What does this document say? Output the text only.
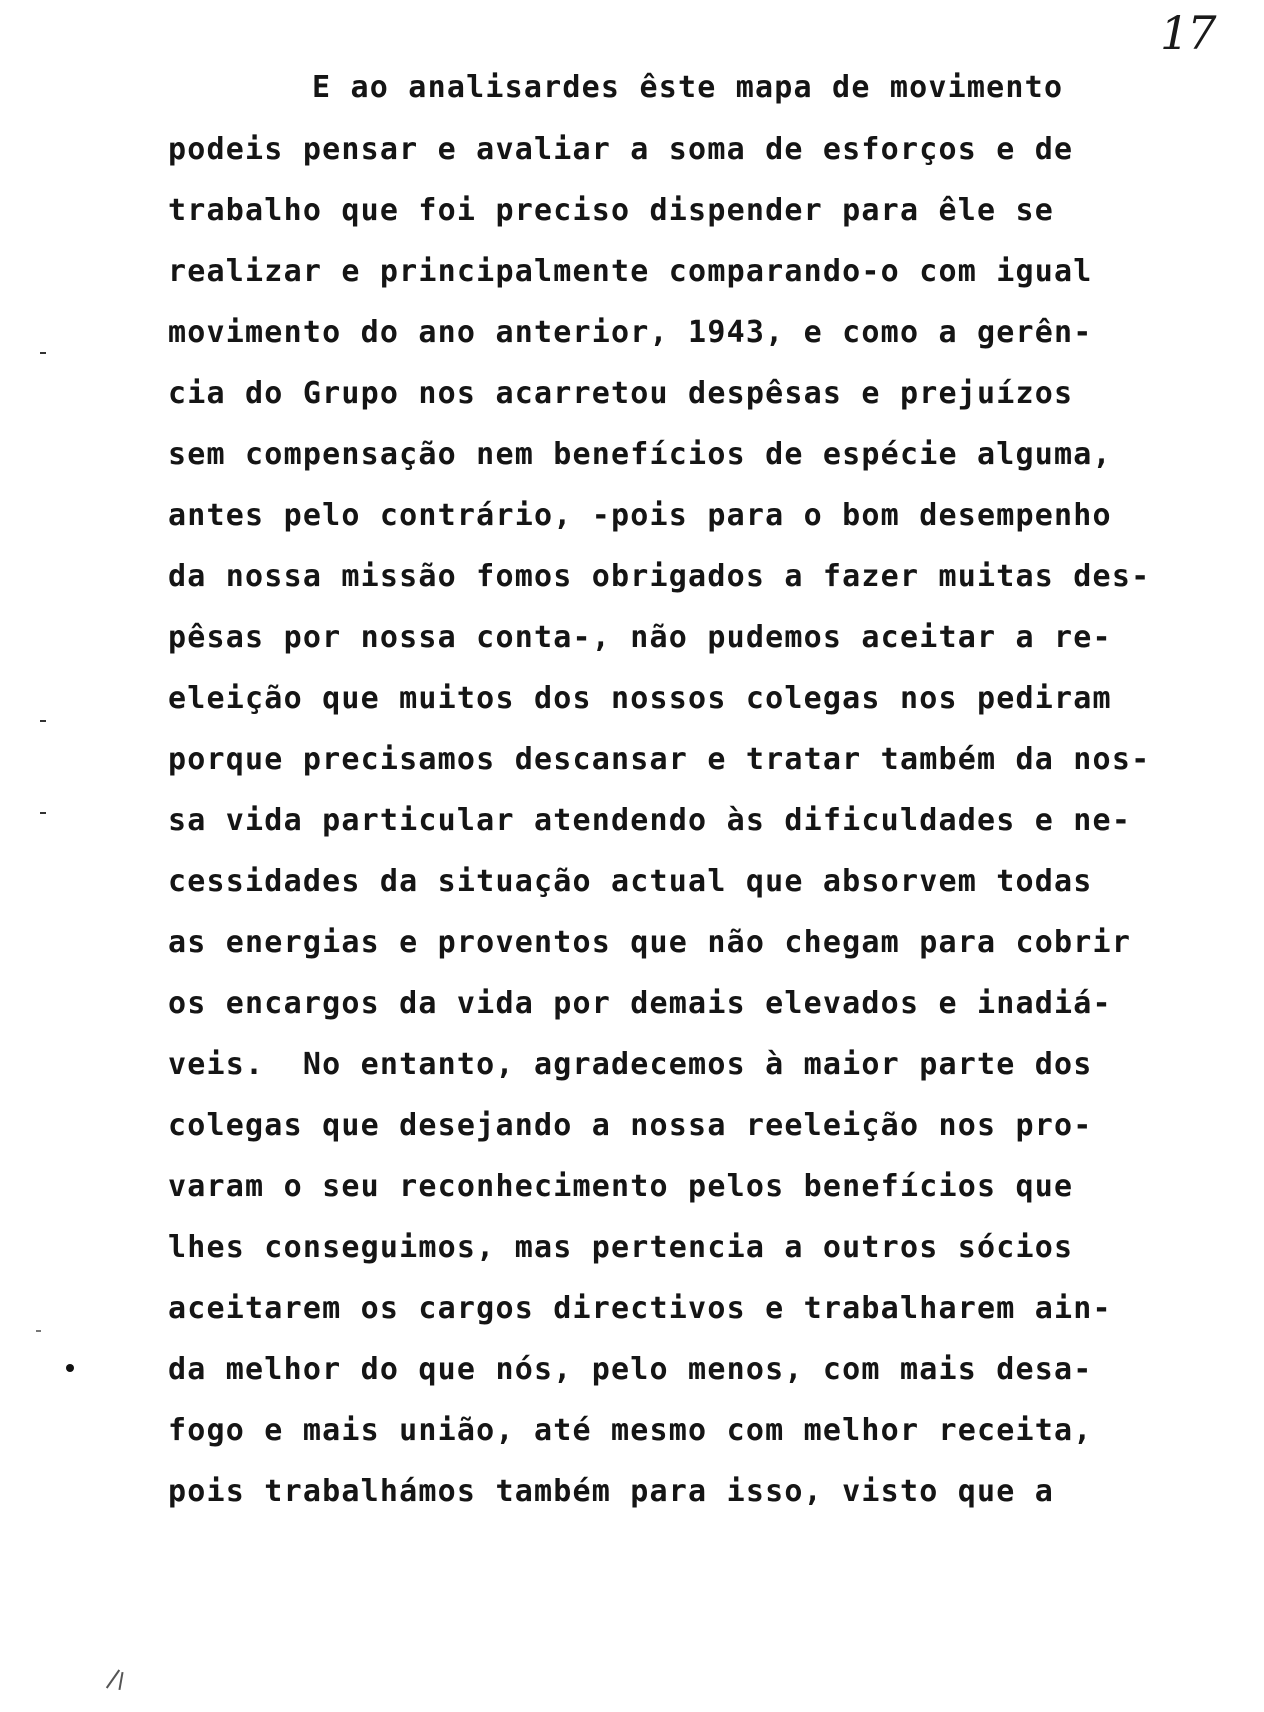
17
E ao analisardes êste mapa de movimento
podeis pensar e avaliar a soma de esforços e de
trabalho que foi preciso dispender para êle se
realizar e principalmente comparando-o com igual
movimento do ano anterior, 1943, e como a gerên-
cia do Grupo nos acarretou despêsas e prejuízos
sem compensação nem benefícios de espécie alguma,
antes pelo contrário, -pois para o bom desempenho
da nossa missão fomos obrigados a fazer muitas des-
pêsas por nossa conta-, não pudemos aceitar a re-
eleição que muitos dos nossos colegas nos pediram
porque precisamos descansar e tratar também da nos-
sa vida particular atendendo às dificuldades e ne-
cessidades da situação actual que absorvem todas
as energias e proventos que não chegam para cobrir
os encargos da vida por demais elevados e inadiá-
veis.  No entanto, agradecemos à maior parte dos
colegas que desejando a nossa reeleição nos pro-
varam o seu reconhecimento pelos benefícios que
lhes conseguimos, mas pertencia a outros sócios
aceitarem os cargos directivos e trabalharem ain-
da melhor do que nós, pelo menos, com mais desa-
fogo e mais união, até mesmo com melhor receita,
pois trabalhámos também para isso, visto que a
